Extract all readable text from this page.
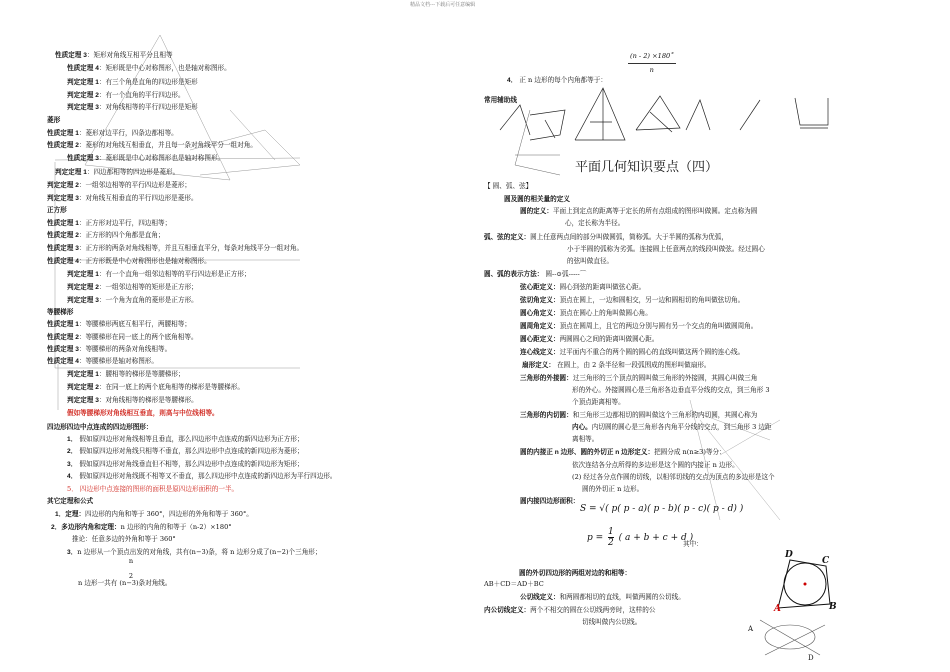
精品文档---下载后可任意编辑
n
2
(n - 2) ×180˚
n
平面几何知识要点（四）
S = √( p( p - a)( p - b)( p - c)( p - d) )
其中：
$p = \frac{1}{2}$ ( a + b + c + d )
D
C
A	B
A
D
性质定理 3：矩形对角线互相平分且相等
性质定理 4：矩形既是中心对称图形，也是轴对称图形。
判定定理 1：有三个角是直角的四边形是矩形
判定定理 2：有一个直角的平行四边形。
判定定理 3：对角线相等的平行四边形是矩形
菱形
性质定理 1：菱形对边平行，四条边都相等。
性质定理 2：菱形的对角线互相垂直，并且每一条对角线平分一组对角。
性质定理 3：菱形既是中心对称图形也是轴对称图形。
判定定理 1：四边都相等的四边形是菱形。
判定定理 2：一组邻边相等的平行四边形是菱形；
判定定理 3：对角线互相垂直的平行四边形是菱形。
正方形
性质定理 1：正方形对边平行，四边相等；
性质定理 2：正方形的四个角都是直角；
性质定理 3：正方形的两条对角线相等，并且互相垂直平分，每条对角线平分一组对角。
性质定理 4：正方形既是中心对称图形也是轴对称图形。
判定定理 1：有一个直角一组邻边相等的平行四边形是正方形；
判定定理 2：一组邻边相等的矩形是正方形；
判定定理 3：一个角为直角的菱形是正方形。
等腰梯形
性质定理 1：等腰梯形两底互相平行，两腰相等；
性质定理 2：等腰梯形在同一底上的两个底角相等。
性质定理 3：等腰梯形的两条对角线相等。
性质定理 4：等腰梯形是轴对称图形。
判定定理 1：腰相等的梯形是等腰梯形；
判定定理 2：在同一底上的两个底角相等的梯形是等腰梯形。
判定定理 3：对角线相等的梯形是等腰梯形。
假如等腰梯形对角线相互垂直，则高与中位线相等。
四边形四边中点连成的四边形图形：
1． 假如原四边形对角线相等且垂直，那么四边形中点连成的新四边形为正方形；
2． 假如原四边形对角线只相等不垂直，那么四边形中点连成的新四边形为菱形；
3． 假如原四边形对角线垂直但不相等，那么四边形中点连成的新四边形为矩形；
4． 假如原四边形对角线既不相等又不垂直，那么四边形中点连成的新四边形为平行四边形。
5． 四边形中点连接的图形的面积是原四边形面积的一半。
其它定理和公式
1．定理：四边形的内角和等于 360°，四边形的外角和等于 360°。
2．多边形内角和定理：n 边形的内角的和等于（n-2）×180°
推论：任意多边的外角和等于 360°
3．n 边形从一个顶点出发的对角线，共有(n−3)条，将 n 边形分成了(n−2)个三角形；
n 边形一共有 (n−3)条对角线。
4． 正 n 边形的每个内角都等于：
常用辅助线
【 圆、弧、弦】
圆及圆的相关量的定义
圆的定义：平面上到定点的距离等于定长的所有点组成的图形叫做圆。定点称为圆
心，定长称为半径。
弧、弦的定义：圆上任意两点间的部分叫做圆弧，简称弧。大于半圆的弧称为优弧，
小于半圆的弧称为劣弧。连接圆上任意两点的线段叫做弦。经过圆心
的弦叫做直径。
圆、弧的表示方法： 圆--⊙弧-----⌒
弦心距定义：圆心到弦的距离叫做弦心距。
弦切角定义：顶点在圆上，一边和圆相交，另一边和圆相切的角叫做弦切角。
圆心角定义：顶点在圆心上的角叫做圆心角。
圆周角定义：顶点在圆周上，且它的两边分别与圆有另一个交点的角叫做圆周角。
圆心距定义：两圆圆心之间的距离叫做圆心距。
连心线定义：过平面内不重合的两个圆的圆心的直线叫做这两个圆的连心线。
扇形定义： 在圆上，由 2 条半径和一段弧围成的图形叫做扇形。
三角形的外接圆：过三角形的三个顶点的圆叫做三角形的外接圆，其圆心叫做三角
形的外心。外接圆圆心是三角形各边垂直平分线的交点，到三角形 3
个顶点距离相等。
三角形的内切圆：和三角形三边都相切的圆叫做这个三角形的内切圆，其圆心称为
内心。内切圆的圆心是三角形各内角平分线的交点，到三角形 3 边距
离相等。
圆的内接正 n 边形、圆的外切正 n 边形定义：把圆分成 n(n≥3)等分：
依次连结各分点所得的多边形是这个圆的内接正 n 边形。
(2) 经过各分点作圆的切线，以相邻切线的交点为顶点的多边形是这个
圆的外切正 n 边形。
圆内接四边形面积：
圆的外切四边形的两组对边的和相等：
AB＋CD＝AD＋BC
公切线定义：和两圆都相切的直线，叫做两圆的公切线。
内公切线定义：两个不相交的圆在公切线两旁时，这样的公
切线叫做内公切线。
